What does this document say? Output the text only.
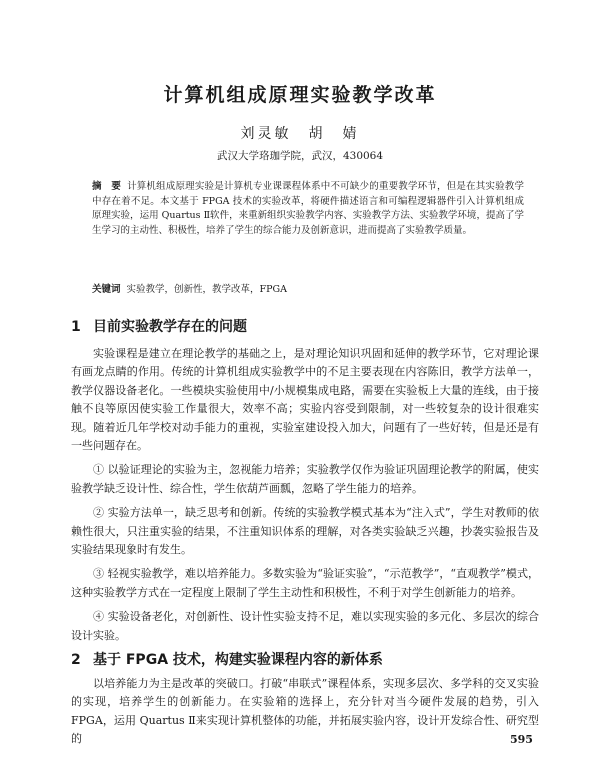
计算机组成原理实验教学改革
刘灵敏　胡　婧
武汉大学珞珈学院，武汉，430064
摘　要 计算机组成原理实验是计算机专业课课程体系中不可缺少的重要教学环节，但是在其实验教学中存在着不足。本文基于 FPGA 技术的实验改革，将硬件描述语言和可编程逻辑器件引入计算机组成原理实验，运用 Quartus Ⅱ软件，来重新组织实验教学内容、实验教学方法、实验教学环境，提高了学生学习的主动性、积极性，培养了学生的综合能力及创新意识，进而提高了实验教学质量。
关键词 实验教学，创新性，教学改革，FPGA
1 目前实验教学存在的问题

实验课程是建立在理论教学的基础之上，是对理论知识巩固和延伸的教学环节，它对理论课有画龙点睛的作用。传统的计算机组成实验教学中的不足主要表现在内容陈旧，教学方法单一，教学仪器设备老化。一些模块实验使用中/小规模集成电路，需要在实验板上大量的连线，由于接触不良等原因使实验工作量很大，效率不高；实验内容受到限制，对一些较复杂的设计很难实现。随着近几年学校对动手能力的重视，实验室建设投入加大，问题有了一些好转，但是还是有一些问题存在。

① 以验证理论的实验为主，忽视能力培养；实验教学仅作为验证巩固理论教学的附属，使实验教学缺乏设计性、综合性，学生依葫芦画瓢，忽略了学生能力的培养。

② 实验方法单一，缺乏思考和创新。传统的实验教学模式基本为“注入式”，学生对教师的依赖性很大，只注重实验的结果，不注重知识体系的理解，对各类实验缺乏兴趣，抄袭实验报告及实验结果现象时有发生。

③ 轻视实验教学，难以培养能力。多数实验为“验证实验”，“示范教学”，“直观教学”模式，这种实验教学方式在一定程度上限制了学生主动性和积极性，不利于对学生创新能力的培养。

④ 实验设备老化，对创新性、设计性实验支持不足，难以实现实验的多元化、多层次的综合设计实验。

2 基于 FPGA 技术，构建实验课程内容的新体系

以培养能力为主是改革的突破口。打破“串联式”课程体系，实现多层次、多学科的交叉实验的实现，培养学生的创新能力。在实验箱的选择上，充分针对当今硬件发展的趋势，引入 FPGA，运用 Quartus Ⅱ来实现计算机整体的功能，并拓展实验内容，设计开发综合性、研究型的	595
